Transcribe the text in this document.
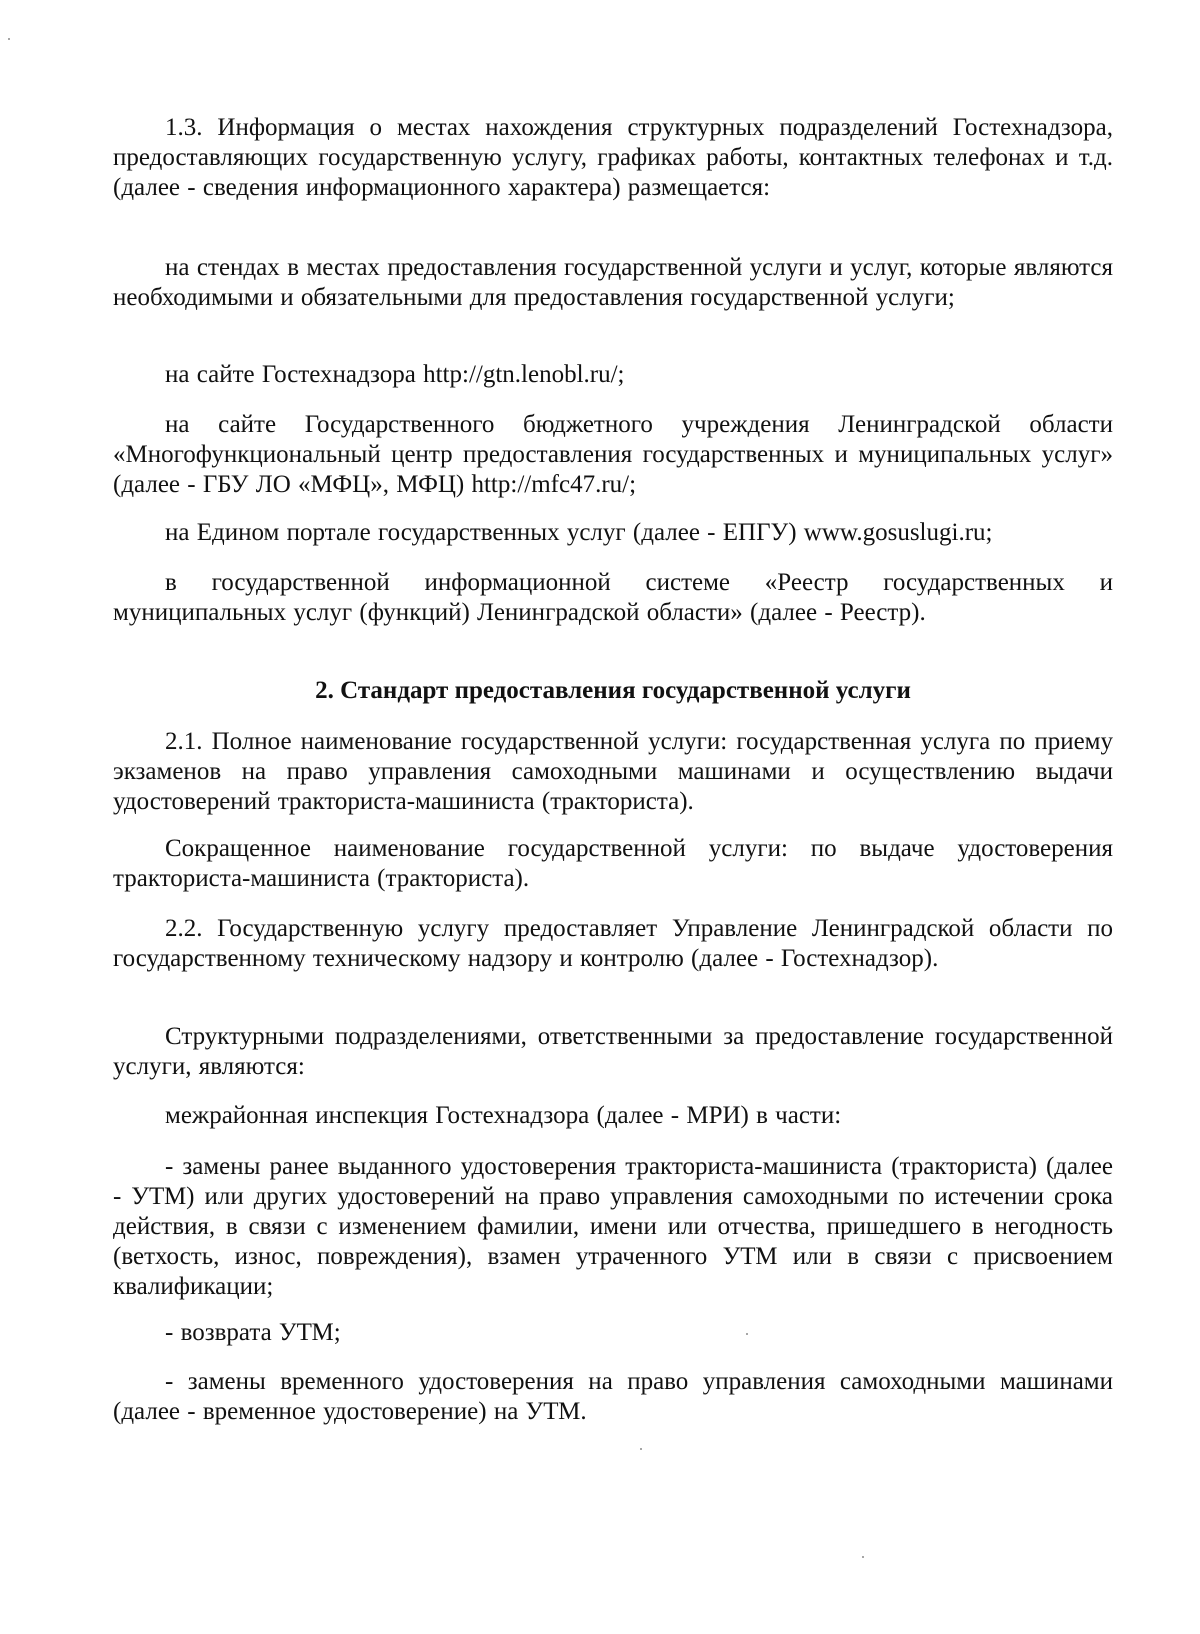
1.3. Информация о местах нахождения структурных подразделений Гостехнадзора, предоставляющих государственную услугу, графиках работы, контактных телефонах и т.д. (далее - сведения информационного характера) размещается:

на стендах в местах предоставления государственной услуги и услуг, которые являются необходимыми и обязательными для предоставления государственной услуги;

на сайте Гостехнадзора http://gtn.lenobl.ru/;

на сайте Государственного бюджетного учреждения Ленинградской области «Многофункциональный центр предоставления государственных и муниципальных услуг» (далее - ГБУ ЛО «МФЦ», МФЦ) http://mfc47.ru/;

на Едином портале государственных услуг (далее - ЕПГУ) www.gosuslugi.ru;

в государственной информационной системе «Реестр государственных и муниципальных услуг (функций) Ленинградской области» (далее - Реестр).

2. Стандарт предоставления государственной услуги

2.1. Полное наименование государственной услуги: государственная услуга по приему экзаменов на право управления самоходными машинами и осуществлению выдачи удостоверений тракториста-машиниста (тракториста).

Сокращенное наименование государственной услуги: по выдаче удостоверения тракториста-машиниста (тракториста).

2.2. Государственную услугу предоставляет Управление Ленинградской области по государственному техническому надзору и контролю (далее - Гостехнадзор).

Структурными подразделениями, ответственными за предоставление государственной услуги, являются:

межрайонная инспекция Гостехнадзора (далее - МРИ) в части:

- замены ранее выданного удостоверения тракториста-машиниста (тракториста) (далее - УТМ) или других удостоверений на право управления самоходными по истечении срока действия, в связи с изменением фамилии, имени или отчества, пришедшего в негодность (ветхость, износ, повреждения), взамен утраченного УТМ или в связи с присвоением квалификации;

- возврата УТМ;

- замены временного удостоверения на право управления самоходными машинами (далее - временное удостоверение) на УТМ.
